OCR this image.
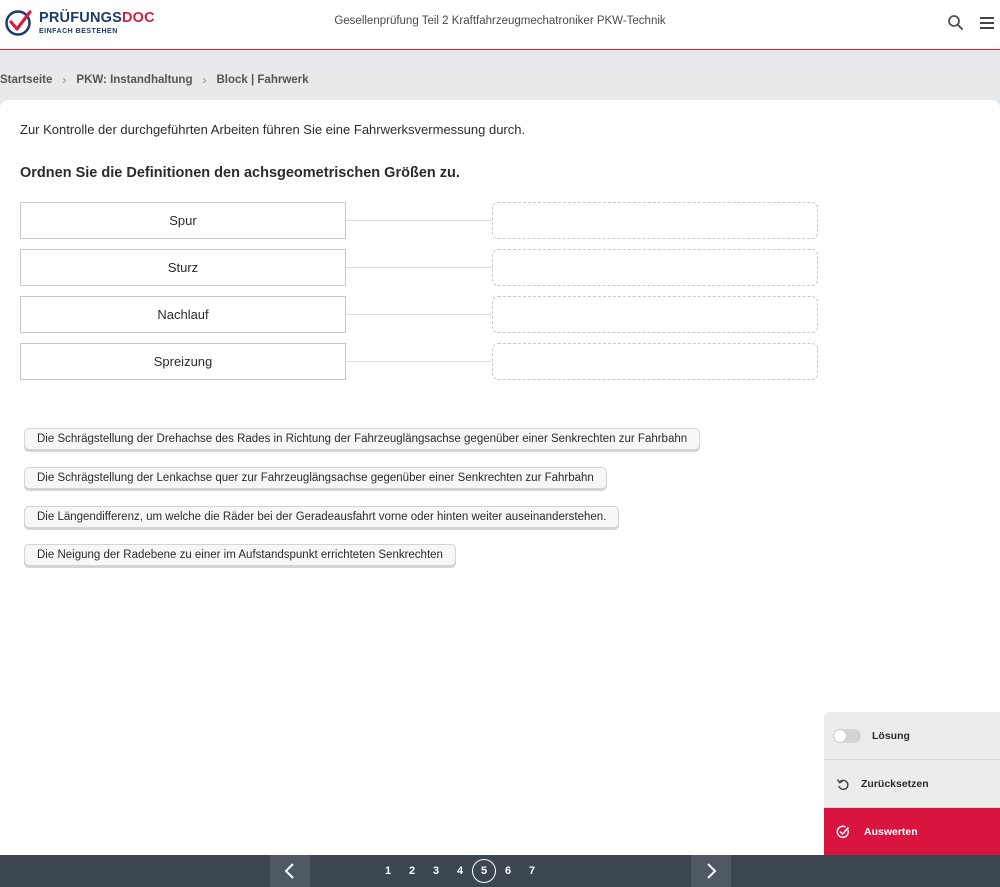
PRÜFUNGSDOC
EINFACH BESTEHEN
Gesellenprüfung Teil 2 Kraftfahrzeugmechatroniker PKW-Technik
Startseite › PKW: Instandhaltung › Block | Fahrwerk
Zur Kontrolle der durchgeführten Arbeiten führen Sie eine Fahrwerksvermessung durch.
Ordnen Sie die Definitionen den achsgeometrischen Größen zu.
Spur
Sturz
Nachlauf
Spreizung
Die Schrägstellung der Drehachse des Rades in Richtung der Fahrzeuglängsachse gegenüber einer Senkrechten zur Fahrbahn
Die Schrägstellung der Lenkachse quer zur Fahrzeuglängsachse gegenüber einer Senkrechten zur Fahrbahn
Die Längendifferenz, um welche die Räder bei der Geradeausfahrt vorne oder hinten weiter auseinanderstehen.
Die Neigung der Radebene zu einer im Aufstandspunkt errichteten Senkrechten
Lösung
Zurücksetzen
Auswerten
1	2	3	4	5	6	7
